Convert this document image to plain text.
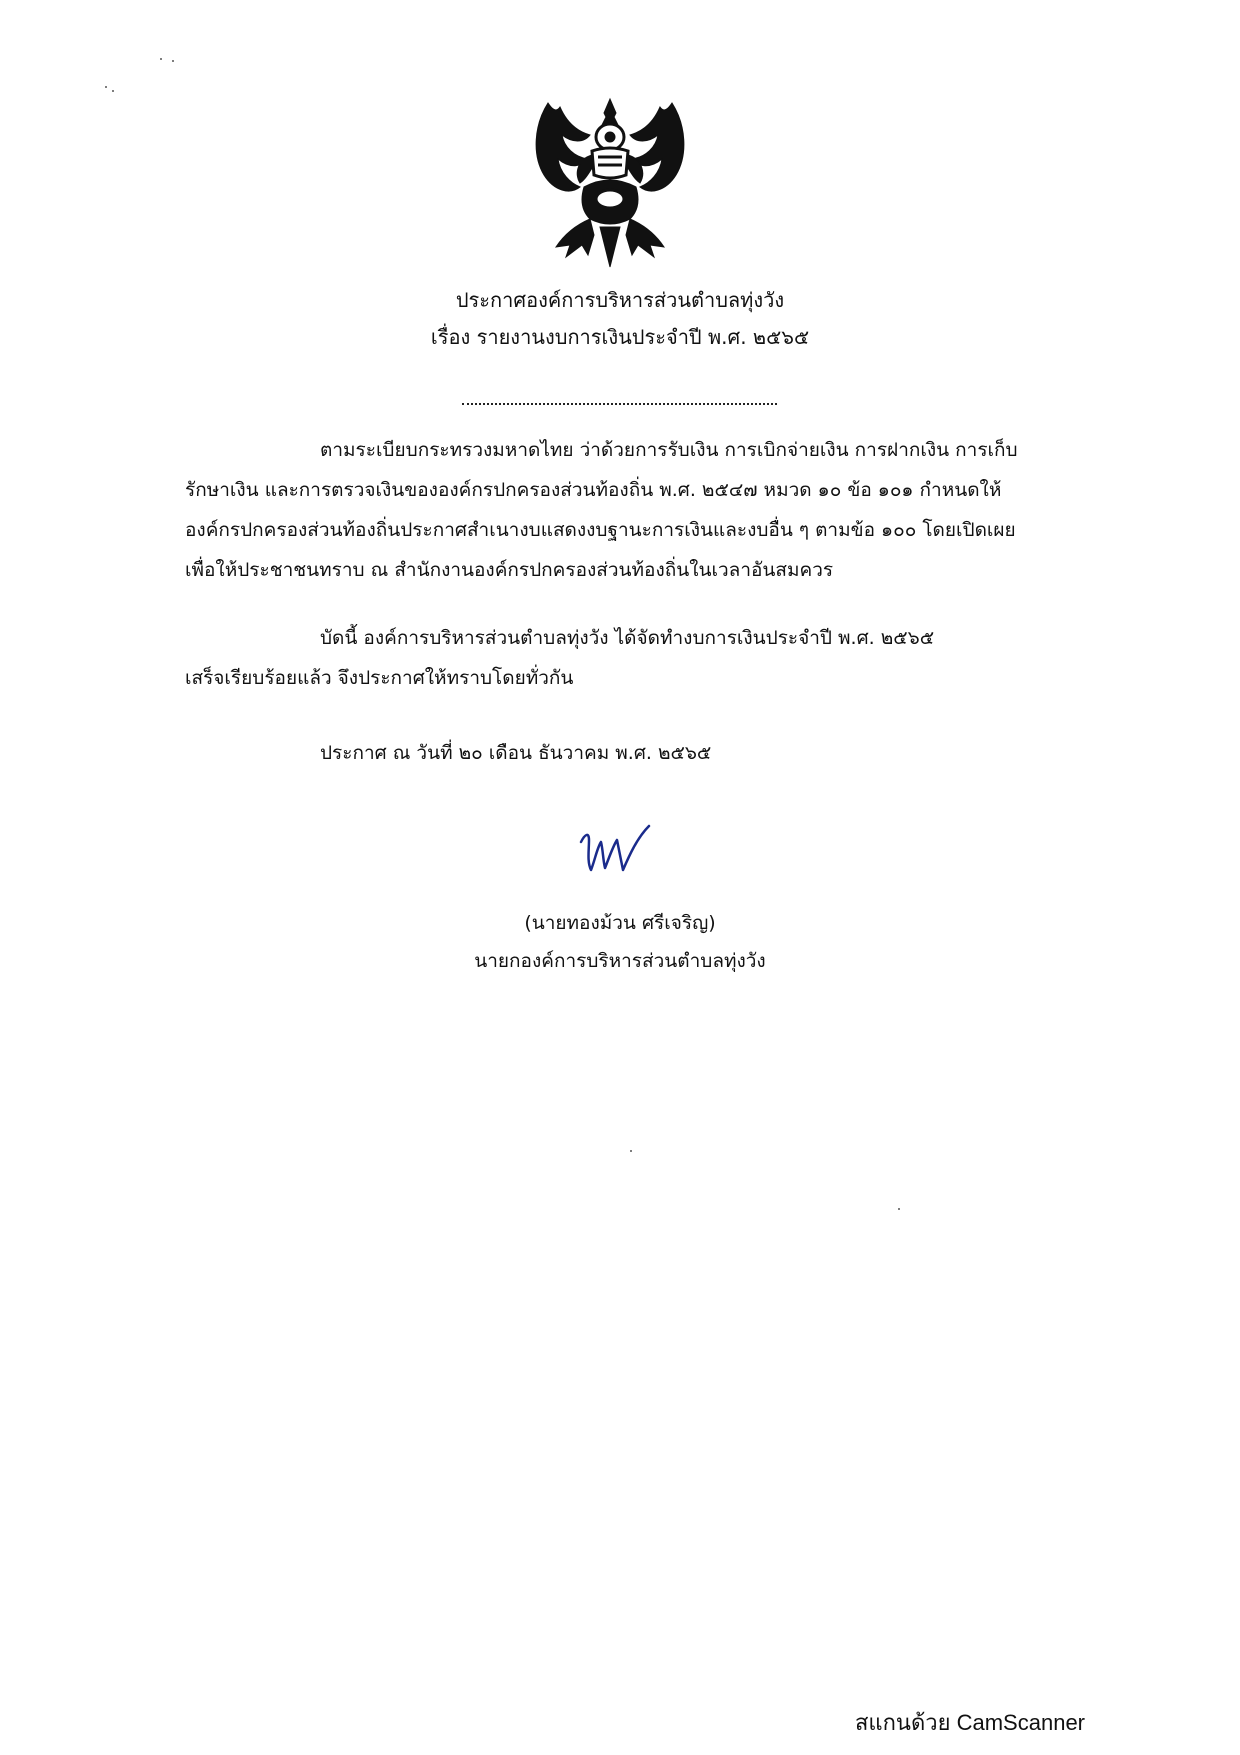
ประกาศองค์การบริหารส่วนตำบลทุ่งวัง
เรื่อง รายงานงบการเงินประจำปี พ.ศ. ๒๕๖๕
ตามระเบียบกระทรวงมหาดไทย ว่าด้วยการรับเงิน การเบิกจ่ายเงิน การฝากเงิน การเก็บ
รักษาเงิน และการตรวจเงินขององค์กรปกครองส่วนท้องถิ่น พ.ศ. ๒๕๔๗ หมวด ๑๐ ข้อ ๑๐๑ กำหนดให้
องค์กรปกครองส่วนท้องถิ่นประกาศสำเนางบแสดงงบฐานะการเงินและงบอื่น ๆ ตามข้อ ๑๐๐ โดยเปิดเผย
เพื่อให้ประชาชนทราบ ณ สำนักงานองค์กรปกครองส่วนท้องถิ่นในเวลาอันสมควร
บัดนี้ องค์การบริหารส่วนตำบลทุ่งวัง ได้จัดทำงบการเงินประจำปี พ.ศ. ๒๕๖๕
เสร็จเรียบร้อยแล้ว จึงประกาศให้ทราบโดยทั่วกัน
ประกาศ ณ วันที่ ๒๐ เดือน ธันวาคม พ.ศ. ๒๕๖๕
(นายทองม้วน ศรีเจริญ)
นายกองค์การบริหารส่วนตำบลทุ่งวัง
สแกนด้วย CamScanner
